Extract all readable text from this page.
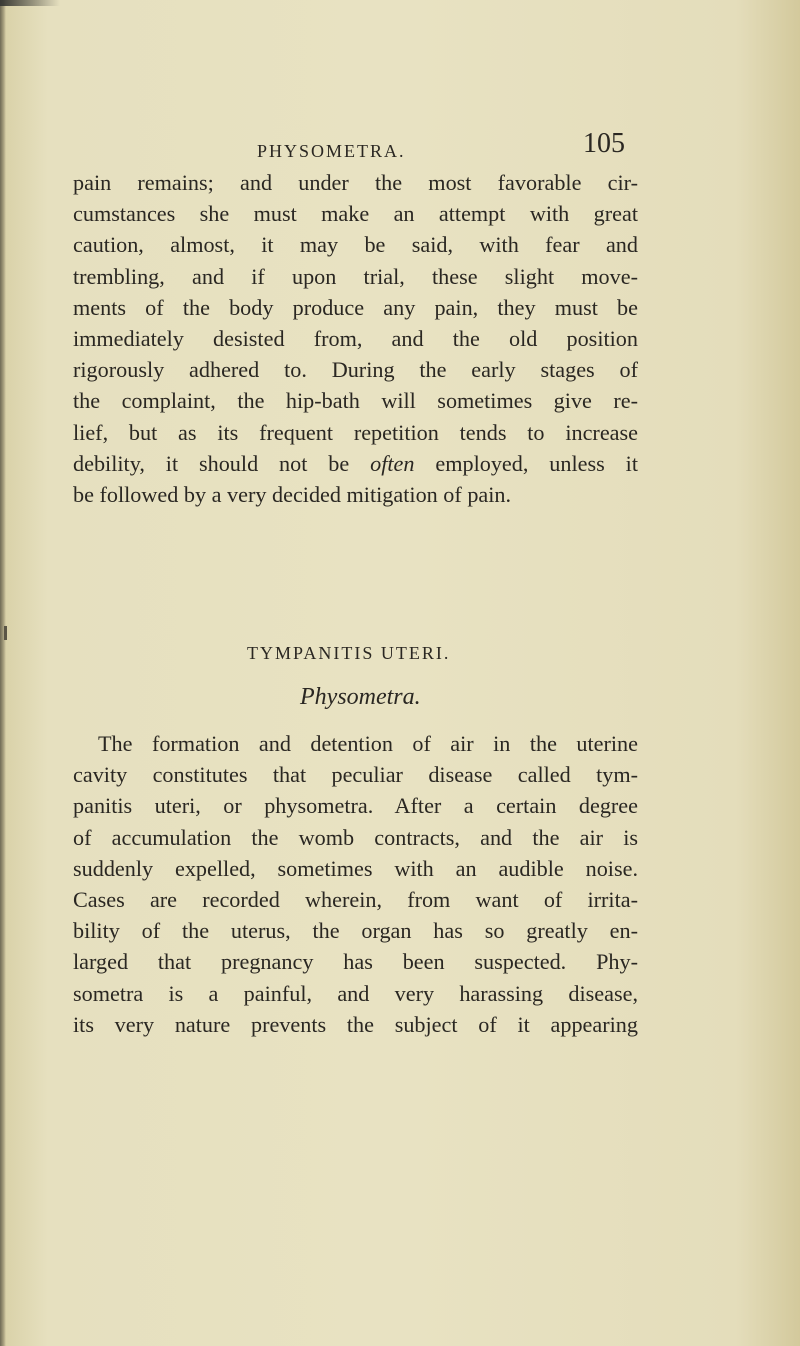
PHYSOMETRA.	105
pain remains; and under the most favorable cir-
cumstances she must make an attempt with great
caution, almost, it may be said, with fear and
trembling, and if upon trial, these slight move-
ments of the body produce any pain, they must be
immediately desisted from, and the old position
rigorously adhered to. During the early stages of
the complaint, the hip-bath will sometimes give re-
lief, but as its frequent repetition tends to increase
debility, it should not be often employed, unless it
be followed by a very decided mitigation of pain.
TYMPANITIS UTERI.
Physometra.
The formation and detention of air in the uterine
cavity constitutes that peculiar disease called tym-
panitis uteri, or physometra. After a certain degree
of accumulation the womb contracts, and the air is
suddenly expelled, sometimes with an audible noise.
Cases are recorded wherein, from want of irrita-
bility of the uterus, the organ has so greatly en-
larged that pregnancy has been suspected. Phy-
sometra is a painful, and very harassing disease,
its very nature prevents the subject of it appearing
